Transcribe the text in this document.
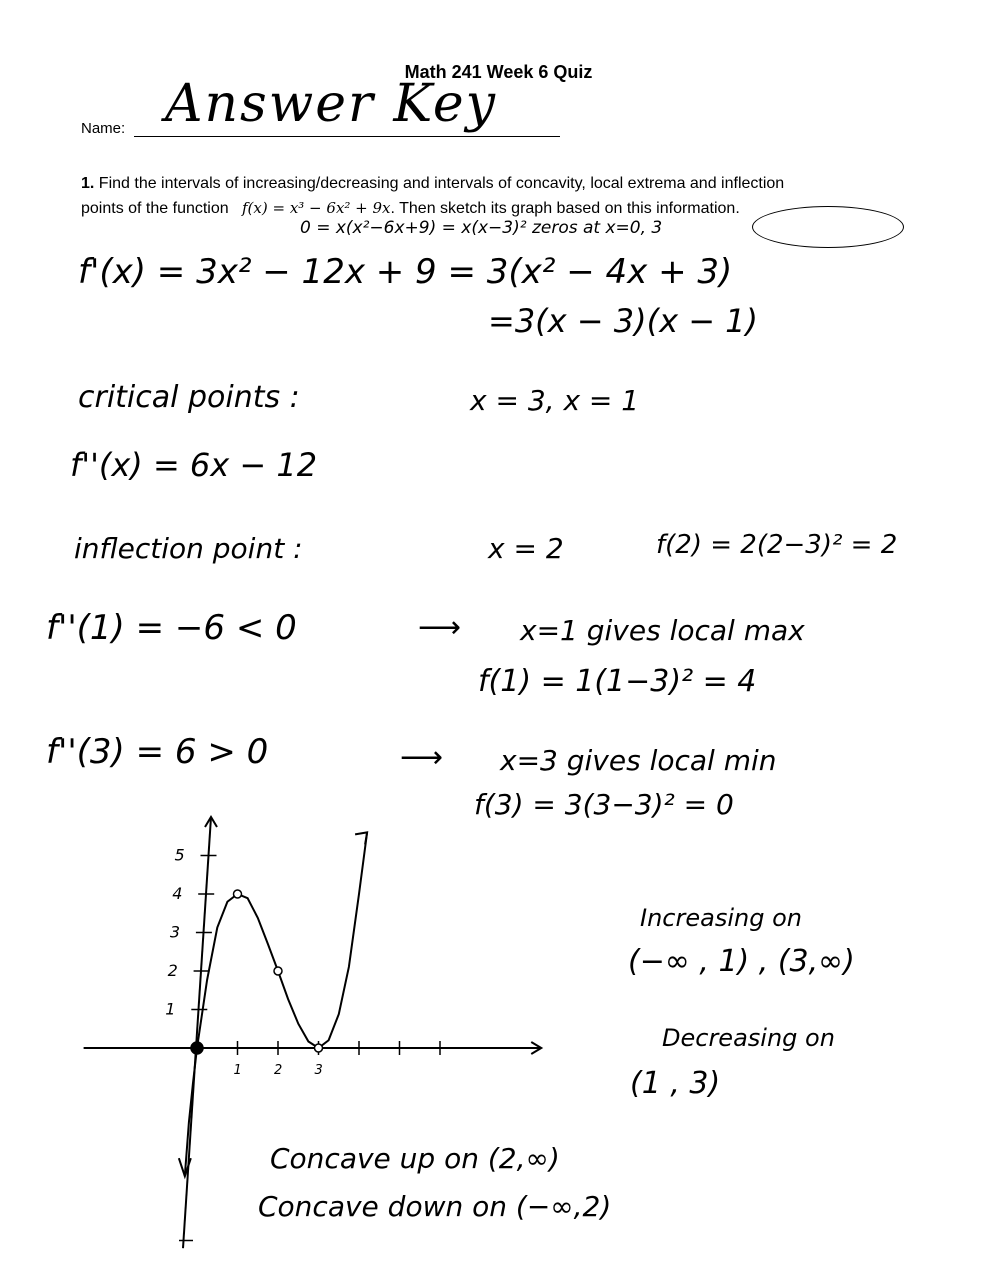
Math 241 Week 6 Quiz
Name: Answer Key
1. Find the intervals of increasing/decreasing and intervals of concavity, local extrema and inflection
points of the function f(x) = x³ − 6x² + 9x. Then sketch its graph based on this information.
0 = x(x²−6x+9) = x(x−3)² zeros at x=0, 3
f'(x) = 3x² − 12x + 9 = 3(x² − 4x + 3)
=3(x − 3)(x − 1)
critical points :	x = 3, x = 1
f''(x) = 6x − 12
inflection point :	x = 2	f(2) = 2(2−3)² = 2
f''(1) = −6 < 0	⟶ x=1 gives local max
f(1) = 1(1−3)² = 4
f''(3) = 6 > 0	⟶ x=3 gives local min
f(3) = 3(3−3)² = 0
Increasing on
(−∞ , 1) , (3,∞)
Decreasing on
(1 , 3)
Concave up on (2,∞)
Concave down on (−∞,2)
1 2 3
1
2
3
4
5
